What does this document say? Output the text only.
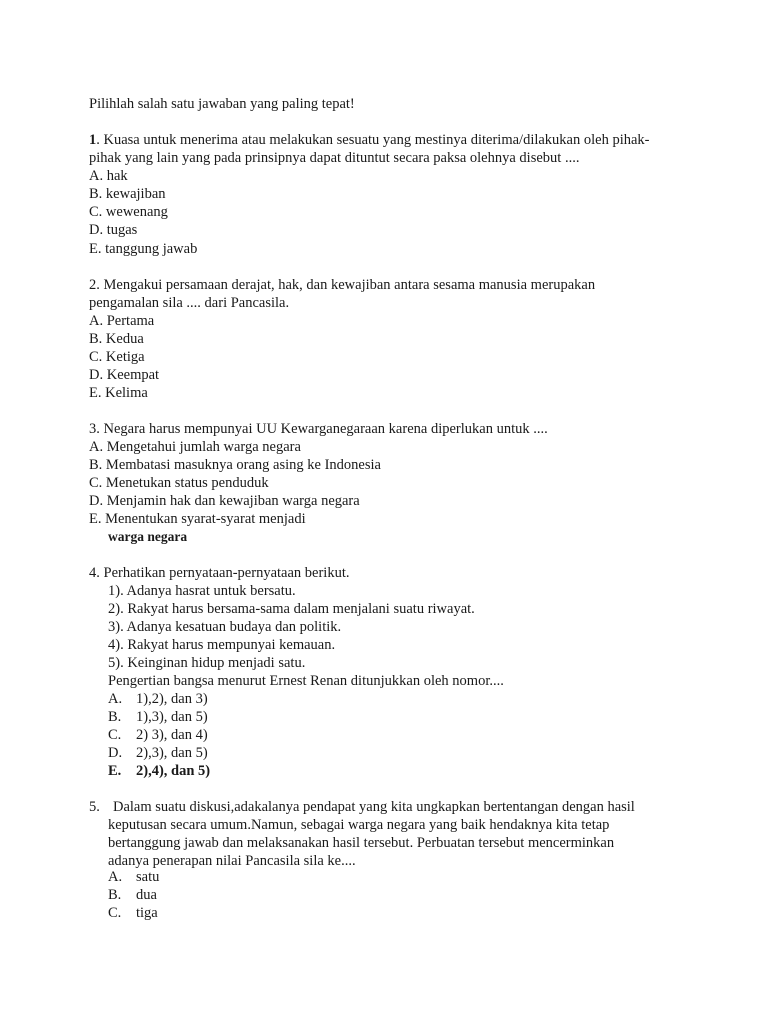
Pilihlah salah satu jawaban yang paling tepat!
1. Kuasa untuk menerima atau melakukan sesuatu yang mestinya diterima/dilakukan oleh pihak-
pihak yang lain yang pada prinsipnya dapat dituntut secara paksa olehnya disebut ....
A. hak
B. kewajiban
C. wewenang
D. tugas
E. tanggung jawab
2. Mengakui persamaan derajat, hak, dan kewajiban antara sesama manusia merupakan
pengamalan sila .... dari Pancasila.
A. Pertama
B. Kedua
C. Ketiga
D. Keempat
E. Kelima
3. Negara harus mempunyai UU Kewarganegaraan karena diperlukan untuk ....
A. Mengetahui jumlah warga negara
B. Membatasi masuknya orang asing ke Indonesia
C. Menetukan status penduduk
D. Menjamin hak dan kewajiban warga negara
E. Menentukan syarat-syarat menjadi
warga negara
4. Perhatikan pernyataan-pernyataan berikut.
1). Adanya hasrat untuk bersatu.
2). Rakyat harus bersama-sama dalam menjalani suatu riwayat.
3). Adanya kesatuan budaya dan politik.
4). Rakyat harus mempunyai kemauan.
5). Keinginan hidup menjadi satu.
Pengertian bangsa menurut Ernest Renan ditunjukkan oleh nomor....
A. 1),2), dan 3)
B. 1),3), dan 5)
C. 2) 3), dan 4)
D. 2),3), dan 5)
E. 2),4), dan 5)
5. Dalam suatu diskusi,adakalanya pendapat yang kita ungkapkan bertentangan dengan hasil
keputusan secara umum.Namun, sebagai warga negara yang baik hendaknya kita tetap
bertanggung jawab dan melaksanakan hasil tersebut. Perbuatan tersebut mencerminkan
adanya penerapan nilai Pancasila sila ke....
A. satu
B. dua
C. tiga
